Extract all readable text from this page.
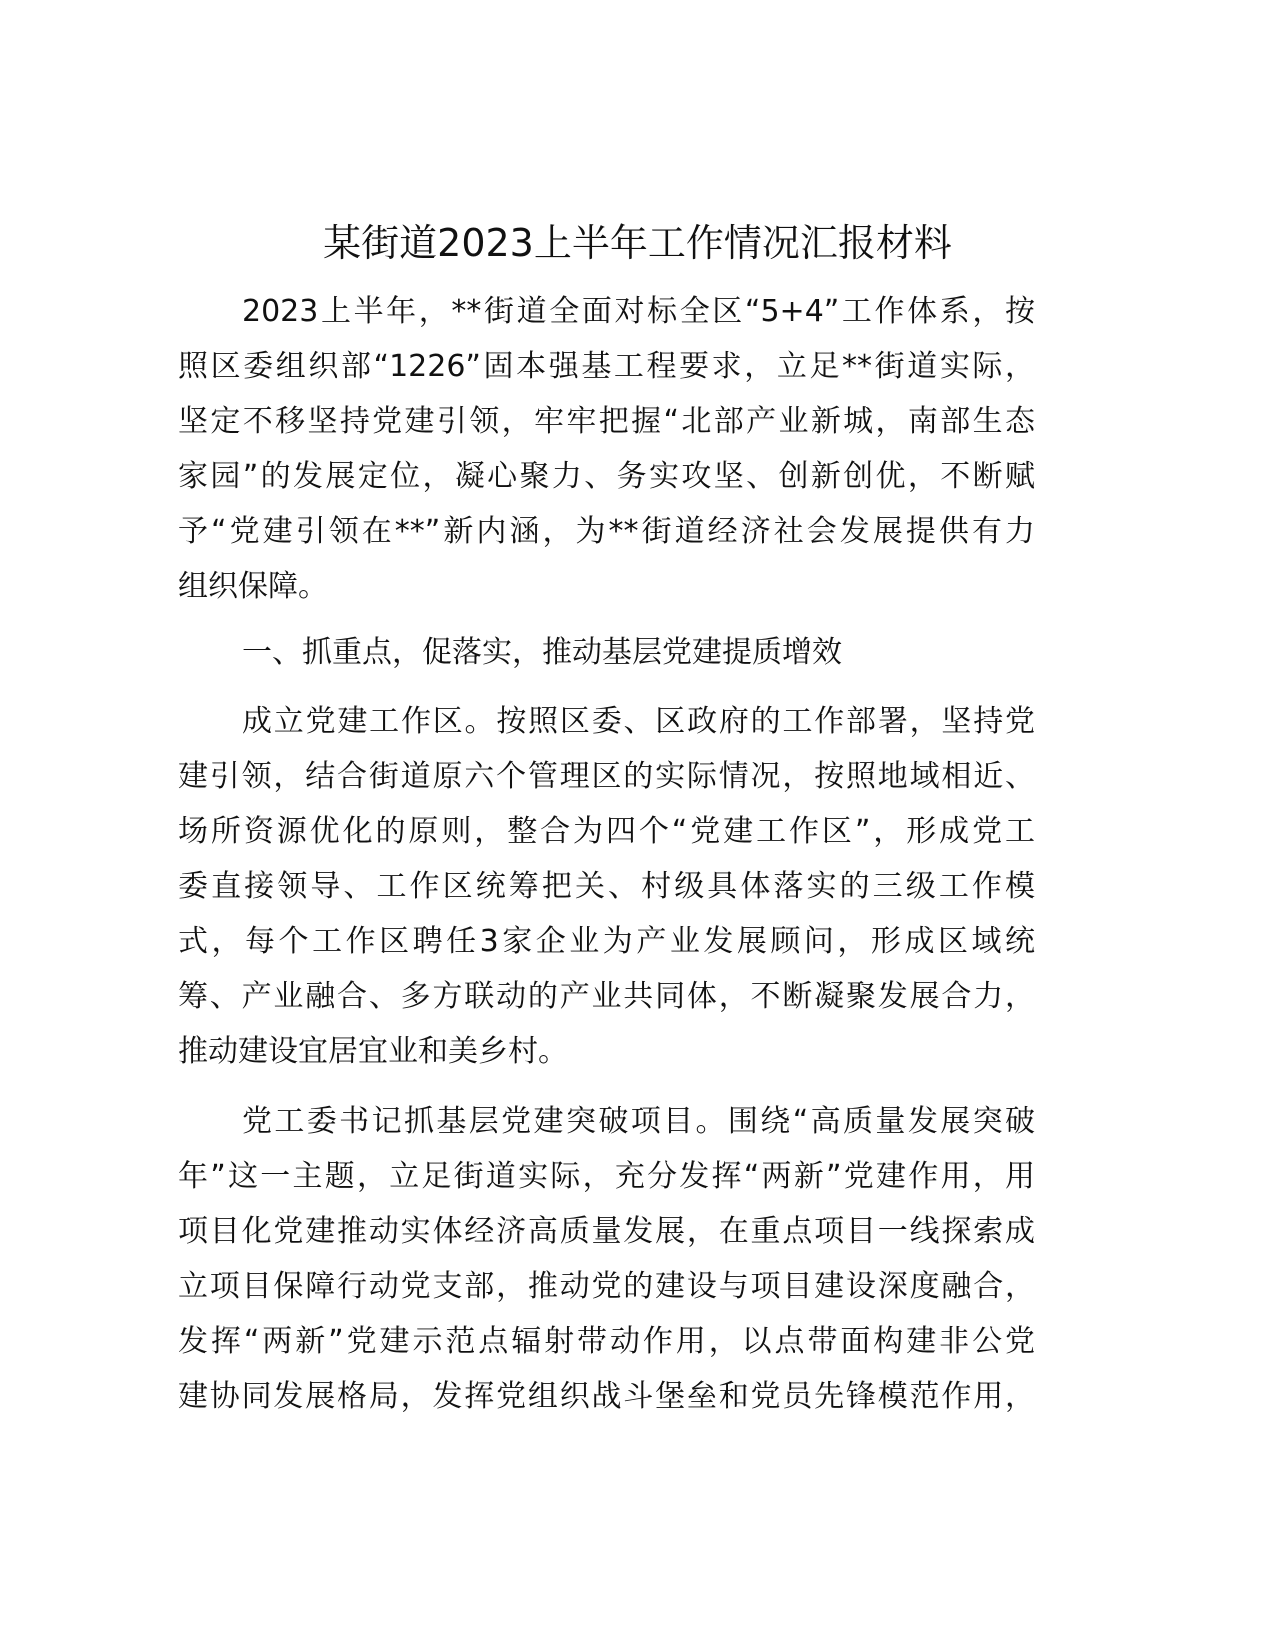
某街道2023上半年工作情况汇报材料
2023上半年，**街道全面对标全区“5+4”工作体系，按
照区委组织部“1226”固本强基工程要求，立足**街道实际，
坚定不移坚持党建引领，牢牢把握“北部产业新城，南部生态
家园”的发展定位，凝心聚力、务实攻坚、创新创优，不断赋
予“党建引领在**”新内涵，为**街道经济社会发展提供有力
组织保障。
一、抓重点，促落实，推动基层党建提质增效
成立党建工作区。按照区委、区政府的工作部署，坚持党
建引领，结合街道原六个管理区的实际情况，按照地域相近、
场所资源优化的原则，整合为四个“党建工作区”，形成党工
委直接领导、工作区统筹把关、村级具体落实的三级工作模
式，每个工作区聘任3家企业为产业发展顾问，形成区域统
筹、产业融合、多方联动的产业共同体，不断凝聚发展合力，
推动建设宜居宜业和美乡村。
党工委书记抓基层党建突破项目。围绕“高质量发展突破
年”这一主题，立足街道实际，充分发挥“两新”党建作用，用
项目化党建推动实体经济高质量发展，在重点项目一线探索成
立项目保障行动党支部，推动党的建设与项目建设深度融合，
发挥“两新”党建示范点辐射带动作用，以点带面构建非公党
建协同发展格局，发挥党组织战斗堡垒和党员先锋模范作用，
